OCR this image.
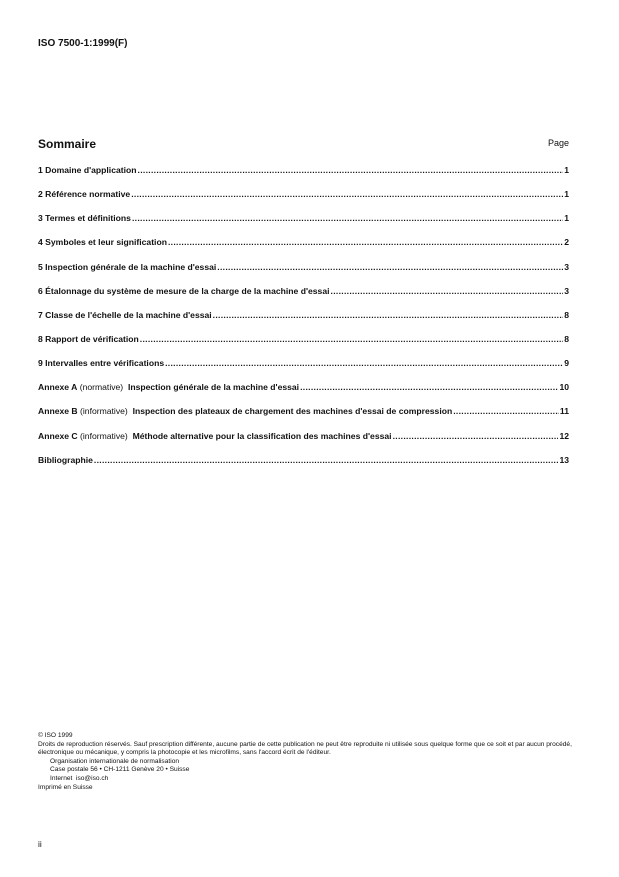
ISO 7500-1:1999(F)
Sommaire	Page
1 Domaine d'application .....	1
2 Référence normative .....	1
3 Termes et définitions .....	1
4 Symboles et leur signification .....	2
5 Inspection générale de la machine d'essai .....	3
6 Étalonnage du système de mesure de la charge de la machine d'essai .....	3
7 Classe de l'échelle de la machine d'essai .....	8
8 Rapport de vérification .....	8
9 Intervalles entre vérifications .....	9
Annexe A (normative)  Inspection générale de la machine d'essai .....	10
Annexe B (informative)  Inspection des plateaux de chargement des machines d'essai de compression .....	11
Annexe C (informative)  Méthode alternative pour la classification des machines d'essai .....	12
Bibliographie .....	13
© ISO 1999
Droits de reproduction réservés. Sauf prescription différente, aucune partie de cette publication ne peut être reproduite ni utilisée sous quelque forme que ce soit et par aucun procédé, électronique ou mécanique, y compris la photocopie et les microfilms, sans l'accord écrit de l'éditeur.
Organisation internationale de normalisation
Case postale 56 • CH-1211 Genève 20 • Suisse
Internet iso@iso.ch
Imprimé en Suisse
ii
